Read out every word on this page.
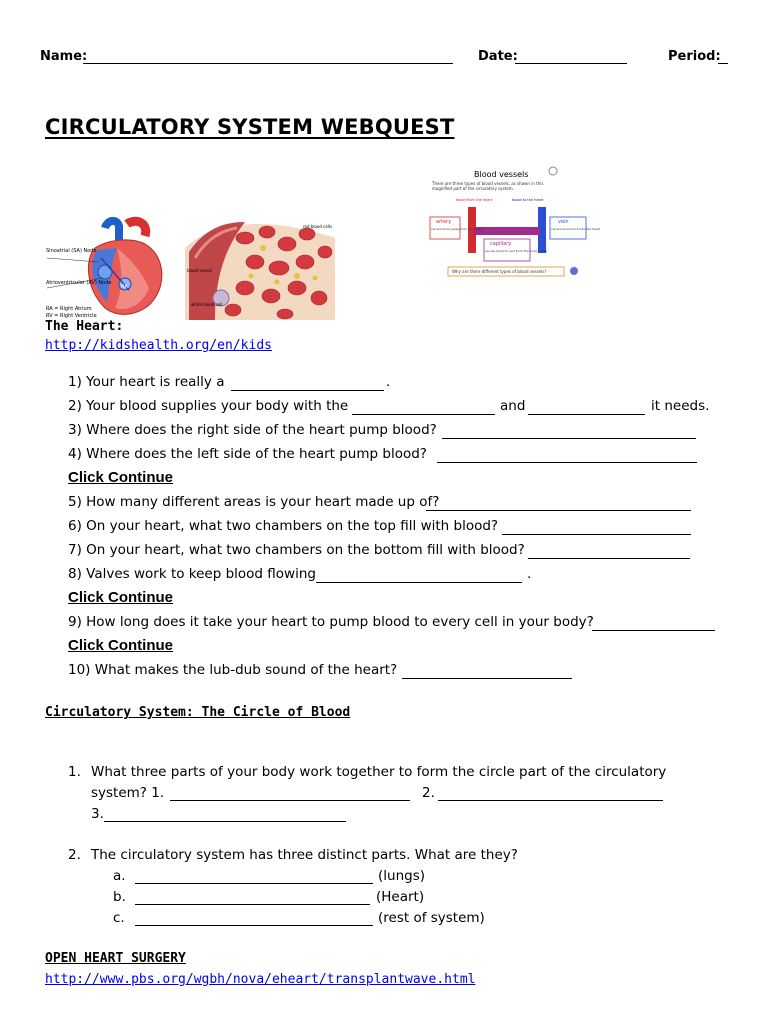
Name:	Date:	Period:
CIRCULATORY SYSTEM WEBQUEST
Sinoatrial (SA) Node
Atrioventricular (AV) Node
RA = Right Atrium
RV = Right Ventricle
RA
red blood cells
blood vessel
white blood cell
Blood vessels
There are three types of blood vessels, as shown in this
magnified part of the circulatory system.
blood from the heart	blood to the heart
artery
carries blood away from the heart
vein
carries blood back into the heart
capillary
carries blood to and from the body's cells
Why are there different types of blood vessels?
The Heart:
http://kidshealth.org/en/kids
1) Your heart is really a	.
2) Your blood supplies your body with the	and	it needs.
3) Where does the right side of the heart pump blood?
4) Where does the left side of the heart pump blood?
Click Continue
5) How many different areas is your heart made up of?
6) On your heart, what two chambers on the top fill with blood?
7) On your heart, what two chambers on the bottom fill with blood?
8) Valves work to keep blood flowing	.
Click Continue
9) How long does it take your heart to pump blood to every cell in your body?
Click Continue
10) What makes the lub-dub sound of the heart?
Circulatory System: The Circle of Blood
1. What three parts of your body work together to form the circle part of the circulatory
system? 1.	2.
3.
2. The circulatory system has three distinct parts. What are they?
a.	(lungs)
b.	(Heart)
c.	(rest of system)
OPEN HEART SURGERY
http://www.pbs.org/wgbh/nova/eheart/transplantwave.html
